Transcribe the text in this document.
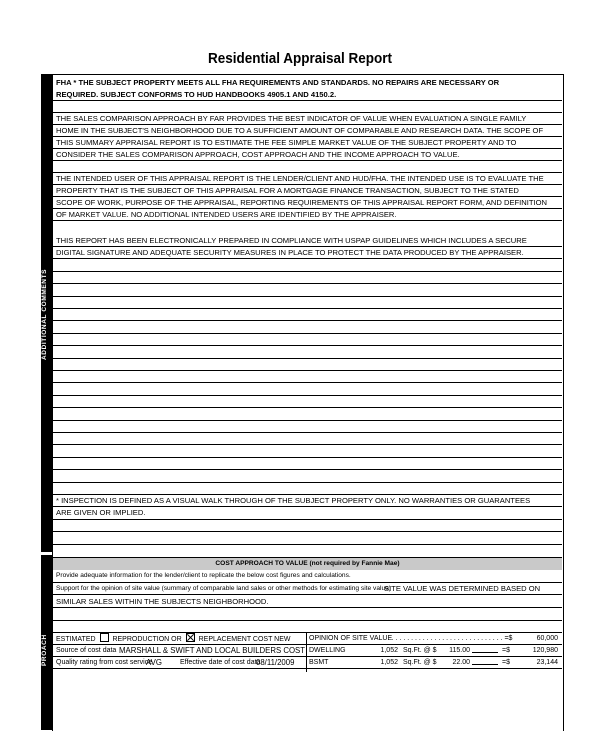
Residential Appraisal Report
ADDITIONAL COMMENTS
PROACH
FHA * THE SUBJECT PROPERTY MEETS ALL FHA REQUIREMENTS AND STANDARDS. NO REPAIRS ARE NECESSARY OR
REQUIRED. SUBJECT CONFORMS TO HUD HANDBOOKS 4905.1 AND 4150.2.
THE SALES COMPARISON APPROACH BY FAR PROVIDES THE BEST INDICATOR OF VALUE WHEN EVALUATION A SINGLE FAMILY
HOME IN THE SUBJECT'S NEIGHBORHOOD DUE TO A SUFFICIENT AMOUNT OF COMPARABLE AND RESEARCH DATA. THE SCOPE OF
THIS SUMMARY APPRAISAL REPORT IS TO ESTIMATE THE FEE SIMPLE MARKET VALUE OF THE SUBJECT PROPERTY AND TO
CONSIDER THE SALES COMPARISON APPROACH, COST APPROACH AND THE INCOME APPROACH TO VALUE.
THE INTENDED USER OF THIS APPRAISAL REPORT IS THE LENDER/CLIENT AND HUD/FHA. THE INTENDED USE IS TO EVALUATE THE
PROPERTY THAT IS THE SUBJECT OF THIS APPRAISAL FOR A MORTGAGE FINANCE TRANSACTION, SUBJECT TO THE STATED
SCOPE OF WORK, PURPOSE OF THE APPRAISAL, REPORTING REQUIREMENTS OF THIS APPRAISAL REPORT FORM, AND DEFINITION
OF MARKET VALUE. NO ADDITIONAL INTENDED USERS ARE IDENTIFIED BY THE APPRAISER.
THIS REPORT HAS BEEN ELECTRONICALLY PREPARED IN COMPLIANCE WITH USPAP GUIDELINES WHICH INCLUDES A SECURE
DIGITAL SIGNATURE AND ADEQUATE SECURITY MEASURES IN PLACE TO PROTECT THE DATA PRODUCED BY THE APPRAISER.
* INSPECTION IS DEFINED AS A VISUAL WALK THROUGH OF THE SUBJECT PROPERTY ONLY. NO WARRANTIES OR GUARANTEES
ARE GIVEN OR IMPLIED.
COST APPROACH TO VALUE (not required by Fannie Mae)
Provide adequate information for the lender/client to replicate the below cost figures and calculations.
Support for the opinion of site value (summary of comparable land sales or other methods for estimating site value)
SITE VALUE WAS DETERMINED BASED ON
SIMILAR SALES WITHIN THE SUBJECTS NEIGHBORHOOD.
ESTIMATED REPRODUCTION OR REPLACEMENT COST NEW
Source of cost data MARSHALL & SWIFT AND LOCAL BUILDERS COST
Quality rating from cost service
AVG	Effective date of cost data
08/11/2009
OPINION OF SITE VALUE
. . . . . . . . . . . . . . . . . . . . . . . . . . . . . . . . =$	60,000
DWELLING	1,052 Sq.Ft. @ $	115.00	=$	120,980
BSMT	1,052 Sq.Ft. @ $	22.00	=$	23,144
